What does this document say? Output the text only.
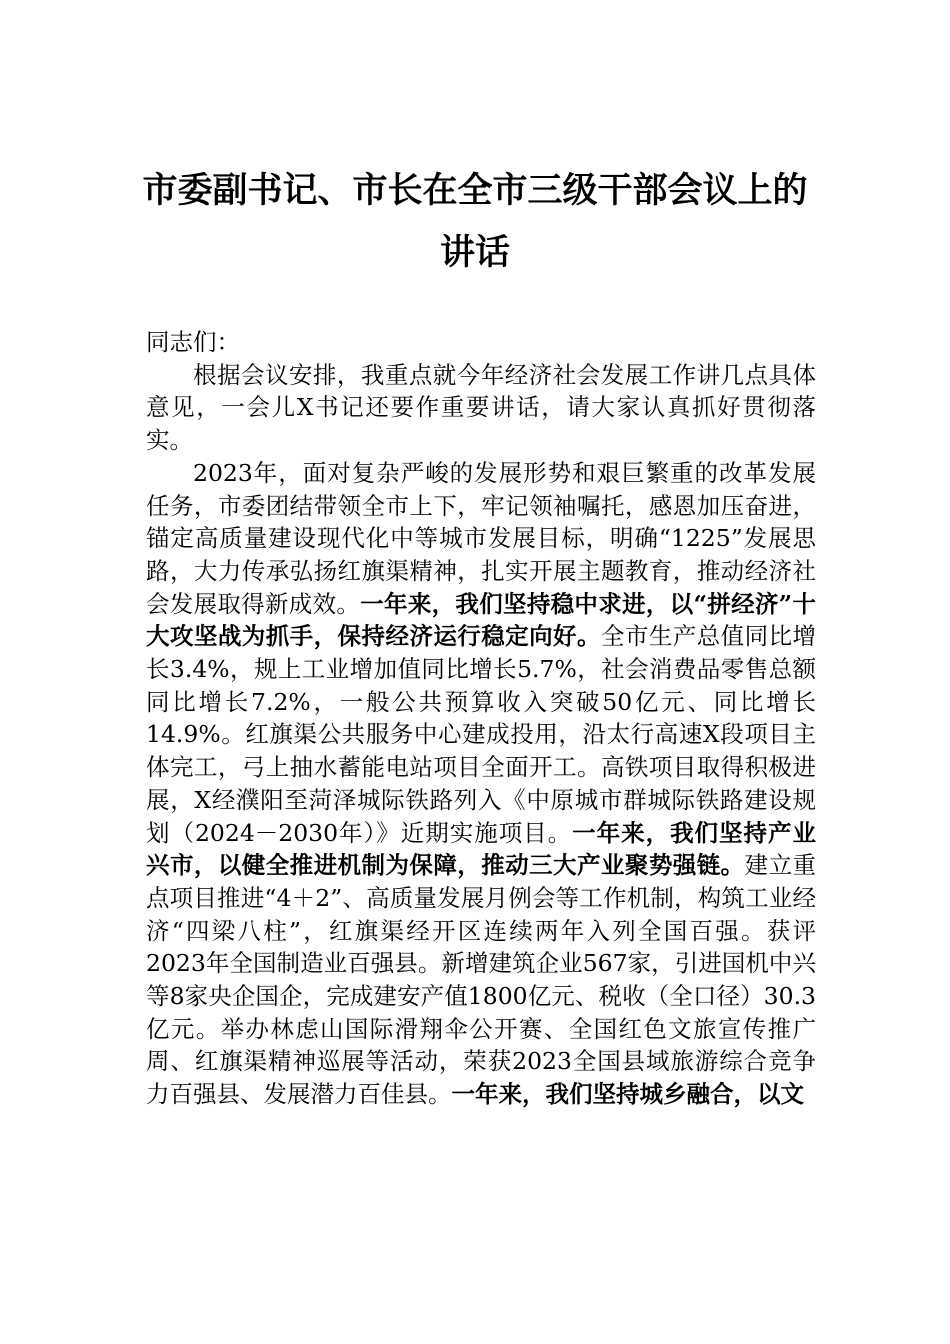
市委副书记、市长在全市三级干部会议上的讲话

同志们：

根据会议安排，我重点就今年经济社会发展工作讲几点具体意见，一会儿X书记还要作重要讲话，请大家认真抓好贯彻落实。

2023年，面对复杂严峻的发展形势和艰巨繁重的改革发展任务，市委团结带领全市上下，牢记领袖嘱托，感恩加压奋进，锚定高质量建设现代化中等城市发展目标，明确“1225”发展思路，大力传承弘扬红旗渠精神，扎实开展主题教育，推动经济社会发展取得新成效。一年来，我们坚持稳中求进，以“拼经济”十大攻坚战为抓手，保持经济运行稳定向好。全市生产总值同比增长3.4%，规上工业增加值同比增长5.7%，社会消费品零售总额同比增长7.2%，一般公共预算收入突破50亿元、同比增长14.9%。红旗渠公共服务中心建成投用，沿太行高速X段项目主体完工，弓上抽水蓄能电站项目全面开工。高铁项目取得积极进展，X经濮阳至菏泽城际铁路列入《中原城市群城际铁路建设规划（2024－2030年）》近期实施项目。一年来，我们坚持产业兴市，以健全推进机制为保障，推动三大产业聚势强链。建立重点项目推进“4＋2”、高质量发展月例会等工作机制，构筑工业经济“四梁八柱”，红旗渠经开区连续两年入列全国百强。获评2023年全国制造业百强县。新增建筑企业567家，引进国机中兴等8家央企国企，完成建安产值1800亿元、税收（全口径）30.3亿元。举办林虑山国际滑翔伞公开赛、全国红色文旅宣传推广周、红旗渠精神巡展等活动，荣获2023全国县域旅游综合竞争力百强县、发展潜力百佳县。一年来，我们坚持城乡融合，以文
